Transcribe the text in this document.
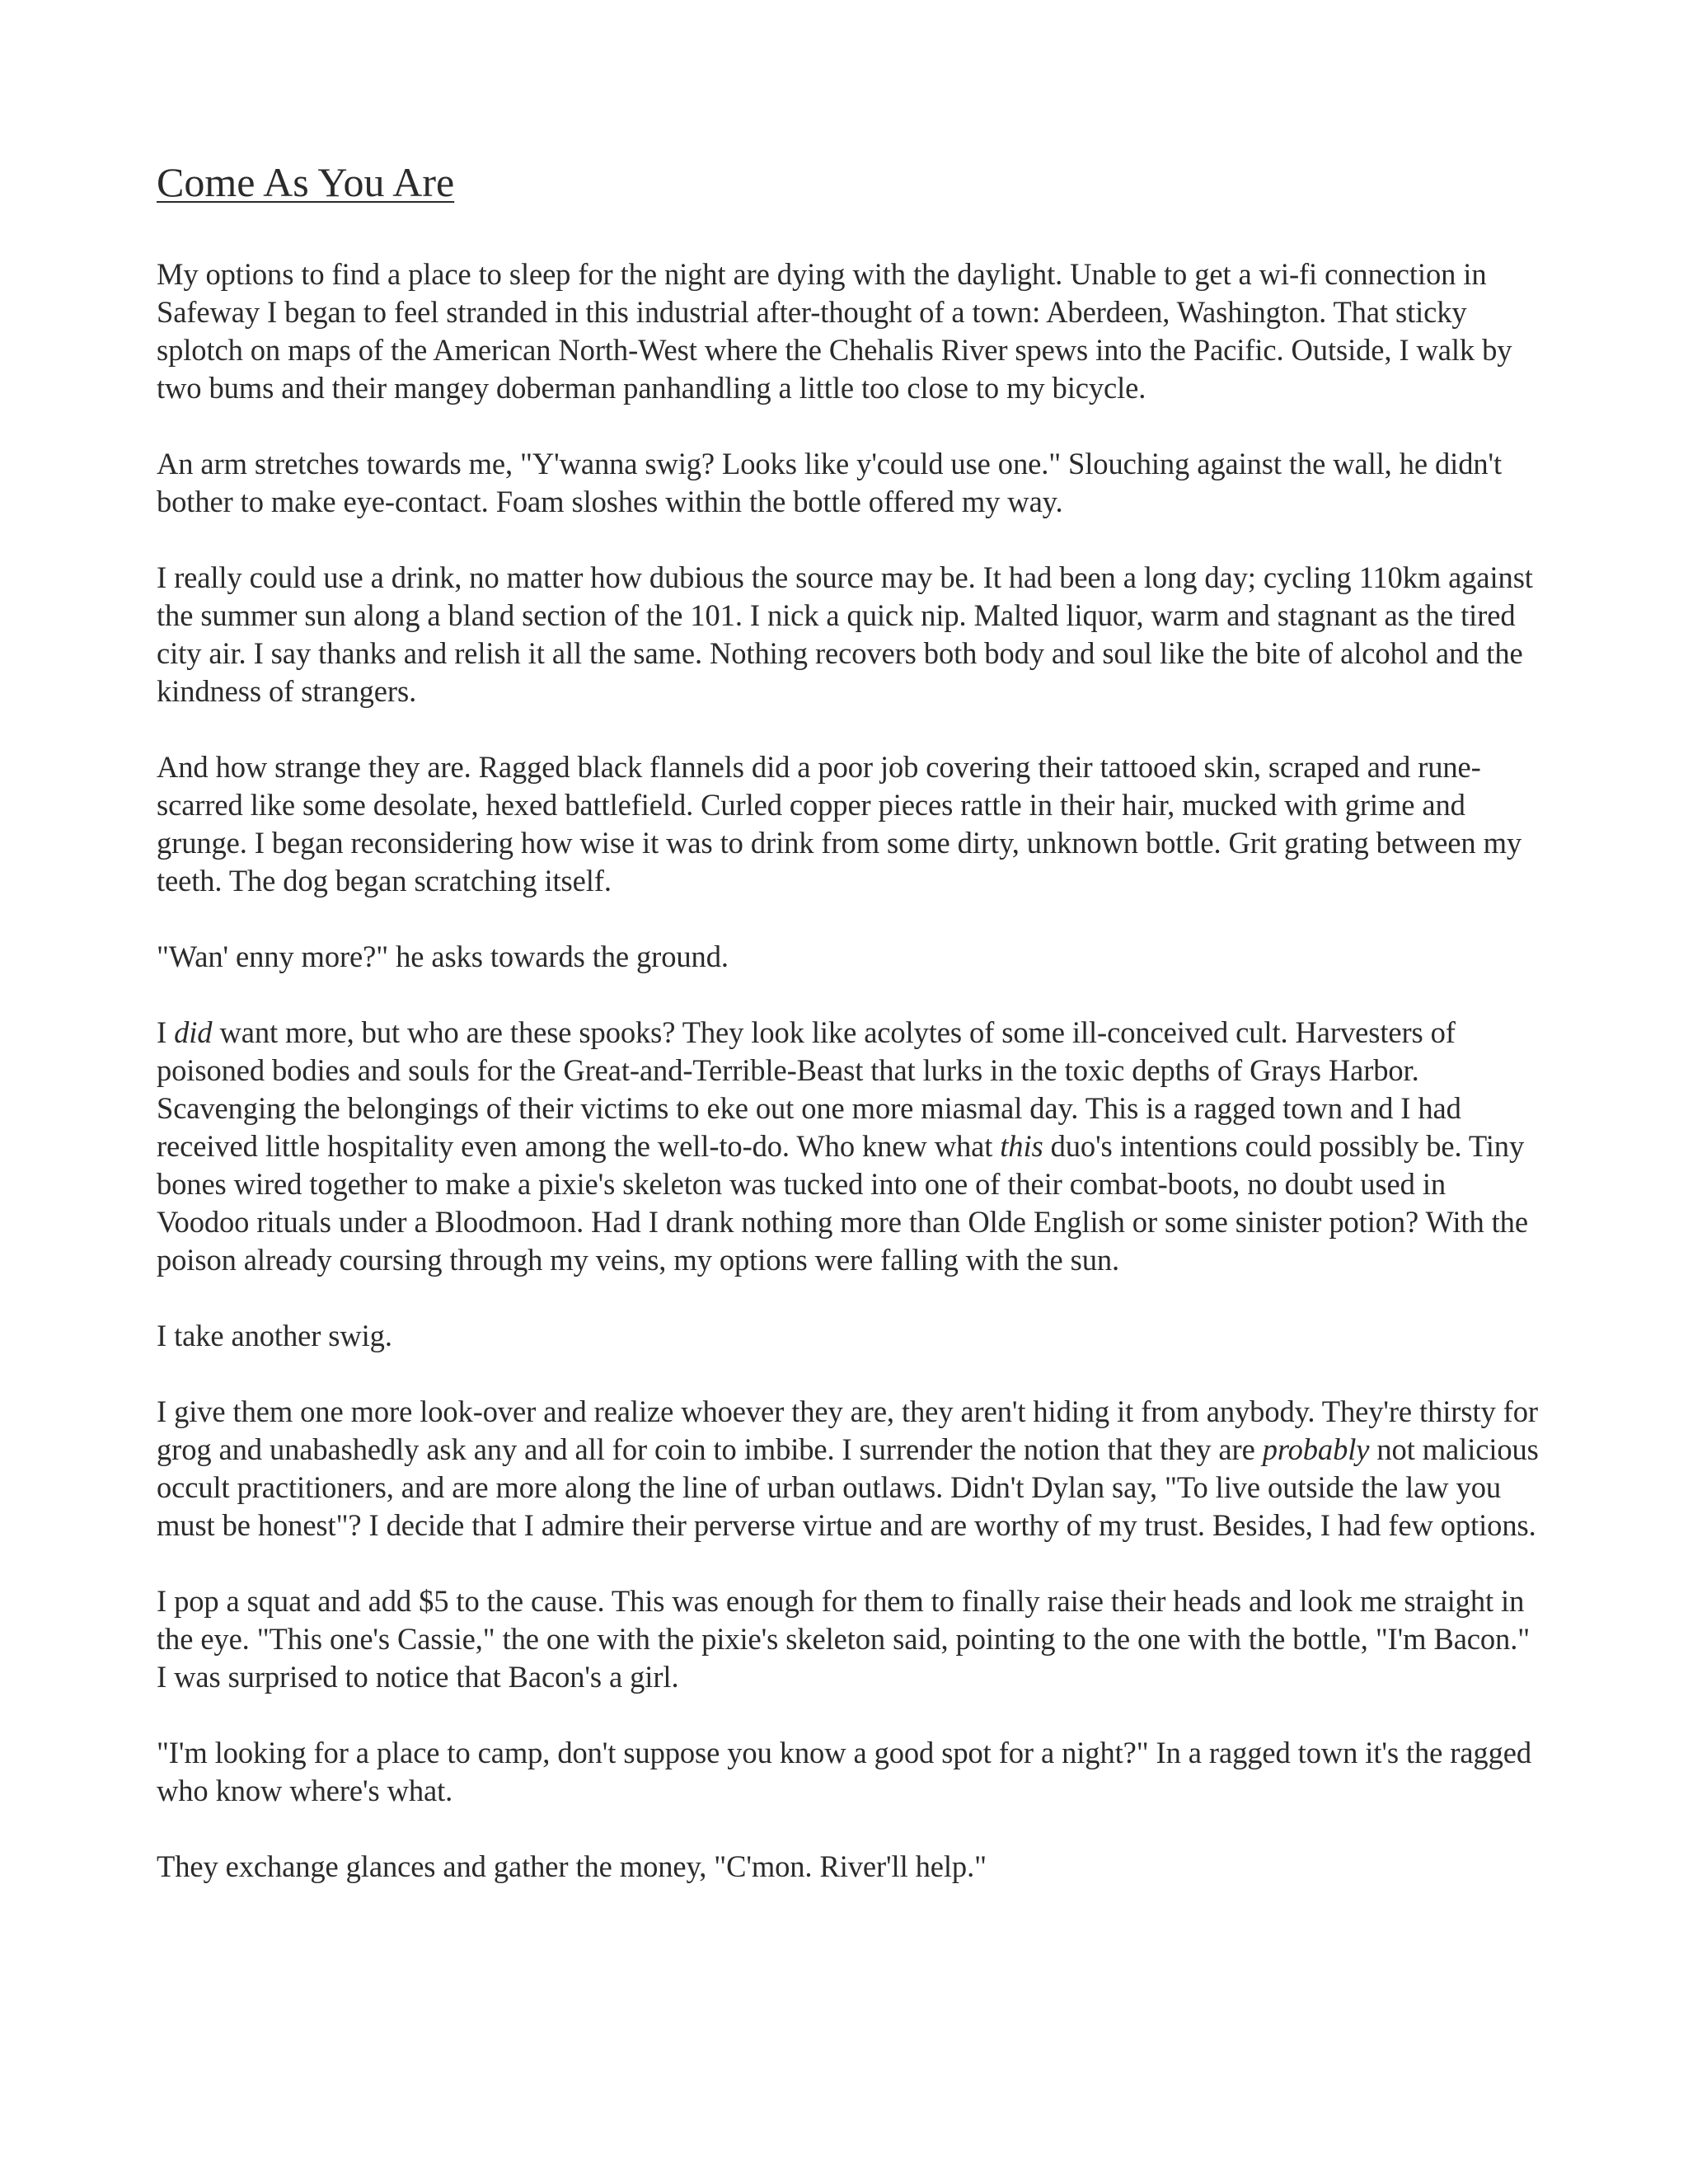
Come As You Are

My options to find a place to sleep for the night are dying with the daylight. Unable to get a wi-fi connection in Safeway I began to feel stranded in this industrial after-thought of a town: Aberdeen, Washington. That sticky splotch on maps of the American North-West where the Chehalis River spews into the Pacific. Outside, I walk by two bums and their mangey doberman panhandling a little too close to my bicycle.

An arm stretches towards me, "Y'wanna swig? Looks like y'could use one." Slouching against the wall, he didn't bother to make eye-contact. Foam sloshes within the bottle offered my way.

I really could use a drink, no matter how dubious the source may be. It had been a long day; cycling 110km against the summer sun along a bland section of the 101. I nick a quick nip. Malted liquor, warm and stagnant as the tired city air. I say thanks and relish it all the same. Nothing recovers both body and soul like the bite of alcohol and the kindness of strangers.

And how strange they are. Ragged black flannels did a poor job covering their tattooed skin, scraped and rune-scarred like some desolate, hexed battlefield. Curled copper pieces rattle in their hair, mucked with grime and grunge. I began reconsidering how wise it was to drink from some dirty, unknown bottle. Grit grating between my teeth. The dog began scratching itself.

"Wan' enny more?" he asks towards the ground.

I did want more, but who are these spooks? They look like acolytes of some ill-conceived cult. Harvesters of poisoned bodies and souls for the Great-and-Terrible-Beast that lurks in the toxic depths of Grays Harbor. Scavenging the belongings of their victims to eke out one more miasmal day. This is a ragged town and I had received little hospitality even among the well-to-do. Who knew what this duo's intentions could possibly be. Tiny bones wired together to make a pixie's skeleton was tucked into one of their combat-boots, no doubt used in Voodoo rituals under a Bloodmoon. Had I drank nothing more than Olde English or some sinister potion? With the poison already coursing through my veins, my options were falling with the sun.

I take another swig.

I give them one more look-over and realize whoever they are, they aren't hiding it from anybody. They're thirsty for grog and unabashedly ask any and all for coin to imbibe. I surrender the notion that they are probably not malicious occult practitioners, and are more along the line of urban outlaws. Didn't Dylan say, "To live outside the law you must be honest"? I decide that I admire their perverse virtue and are worthy of my trust. Besides, I had few options.

I pop a squat and add $5 to the cause. This was enough for them to finally raise their heads and look me straight in the eye. "This one's Cassie," the one with the pixie's skeleton said, pointing to the one with the bottle, "I'm Bacon." I was surprised to notice that Bacon's a girl.

"I'm looking for a place to camp, don't suppose you know a good spot for a night?" In a ragged town it's the ragged who know where's what.

They exchange glances and gather the money, "C'mon. River'll help."
